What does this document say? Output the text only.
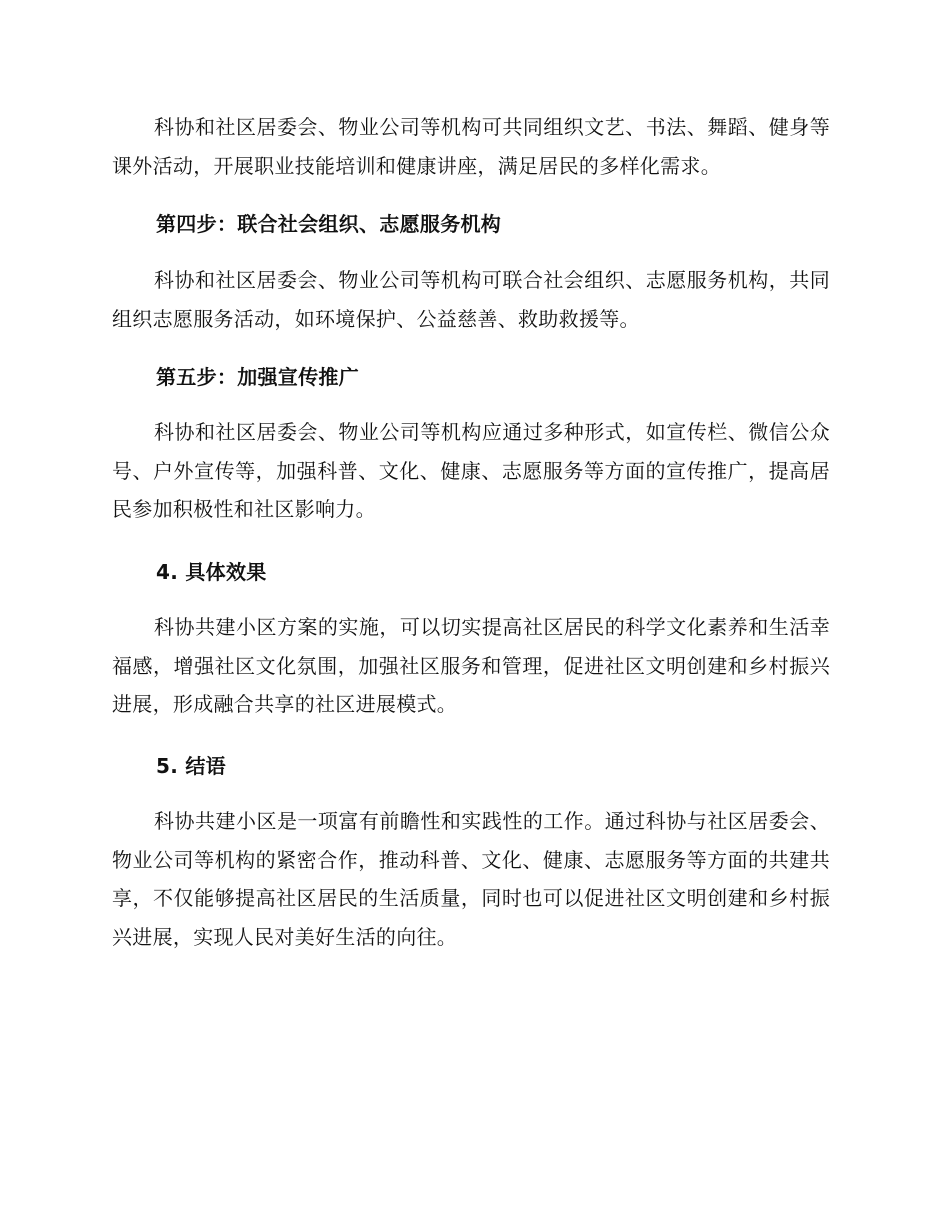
科协和社区居委会、物业公司等机构可共同组织文艺、书法、舞蹈、健身等课外活动，开展职业技能培训和健康讲座，满足居民的多样化需求。

第四步：联合社会组织、志愿服务机构

科协和社区居委会、物业公司等机构可联合社会组织、志愿服务机构，共同组织志愿服务活动，如环境保护、公益慈善、救助救援等。

第五步：加强宣传推广

科协和社区居委会、物业公司等机构应通过多种形式，如宣传栏、微信公众号、户外宣传等，加强科普、文化、健康、志愿服务等方面的宣传推广，提高居民参加积极性和社区影响力。

4. 具体效果

科协共建小区方案的实施，可以切实提高社区居民的科学文化素养和生活幸福感，增强社区文化氛围，加强社区服务和管理，促进社区文明创建和乡村振兴进展，形成融合共享的社区进展模式。

5. 结语

科协共建小区是一项富有前瞻性和实践性的工作。通过科协与社区居委会、物业公司等机构的紧密合作，推动科普、文化、健康、志愿服务等方面的共建共享，不仅能够提高社区居民的生活质量，同时也可以促进社区文明创建和乡村振兴进展，实现人民对美好生活的向往。
